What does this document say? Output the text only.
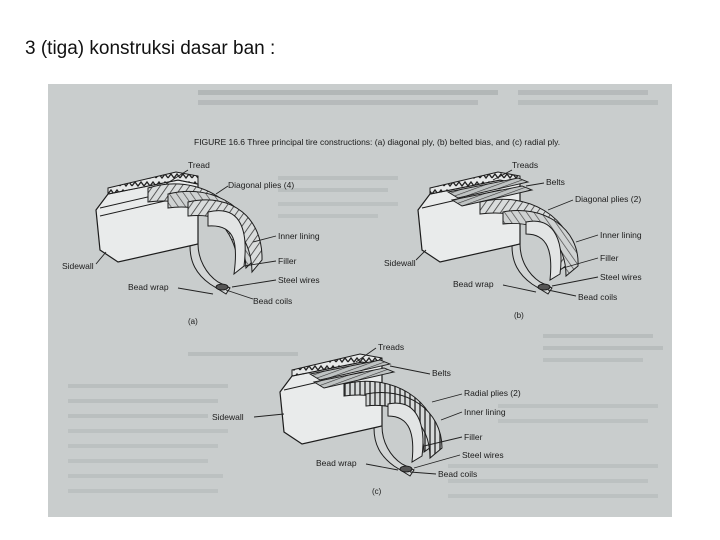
3 (tiga) konstruksi dasar ban :
FIGURE 16.6 Three principal tire constructions: (a) diagonal ply, (b) belted bias, and (c) radial ply.
Tread
Diagonal plies (4)
Inner lining
Filler
Steel wires
Bead coils
Bead wrap
Sidewall
(a)
Treads
Belts
Diagonal plies (2)
Inner lining
Filler
Steel wires
Bead coils
Bead wrap
Sidewall
(b)
Treads
Belts
Radial plies (2)
Inner lining
Filler
Steel wires
Bead coils
Bead wrap
Sidewall
(c)
